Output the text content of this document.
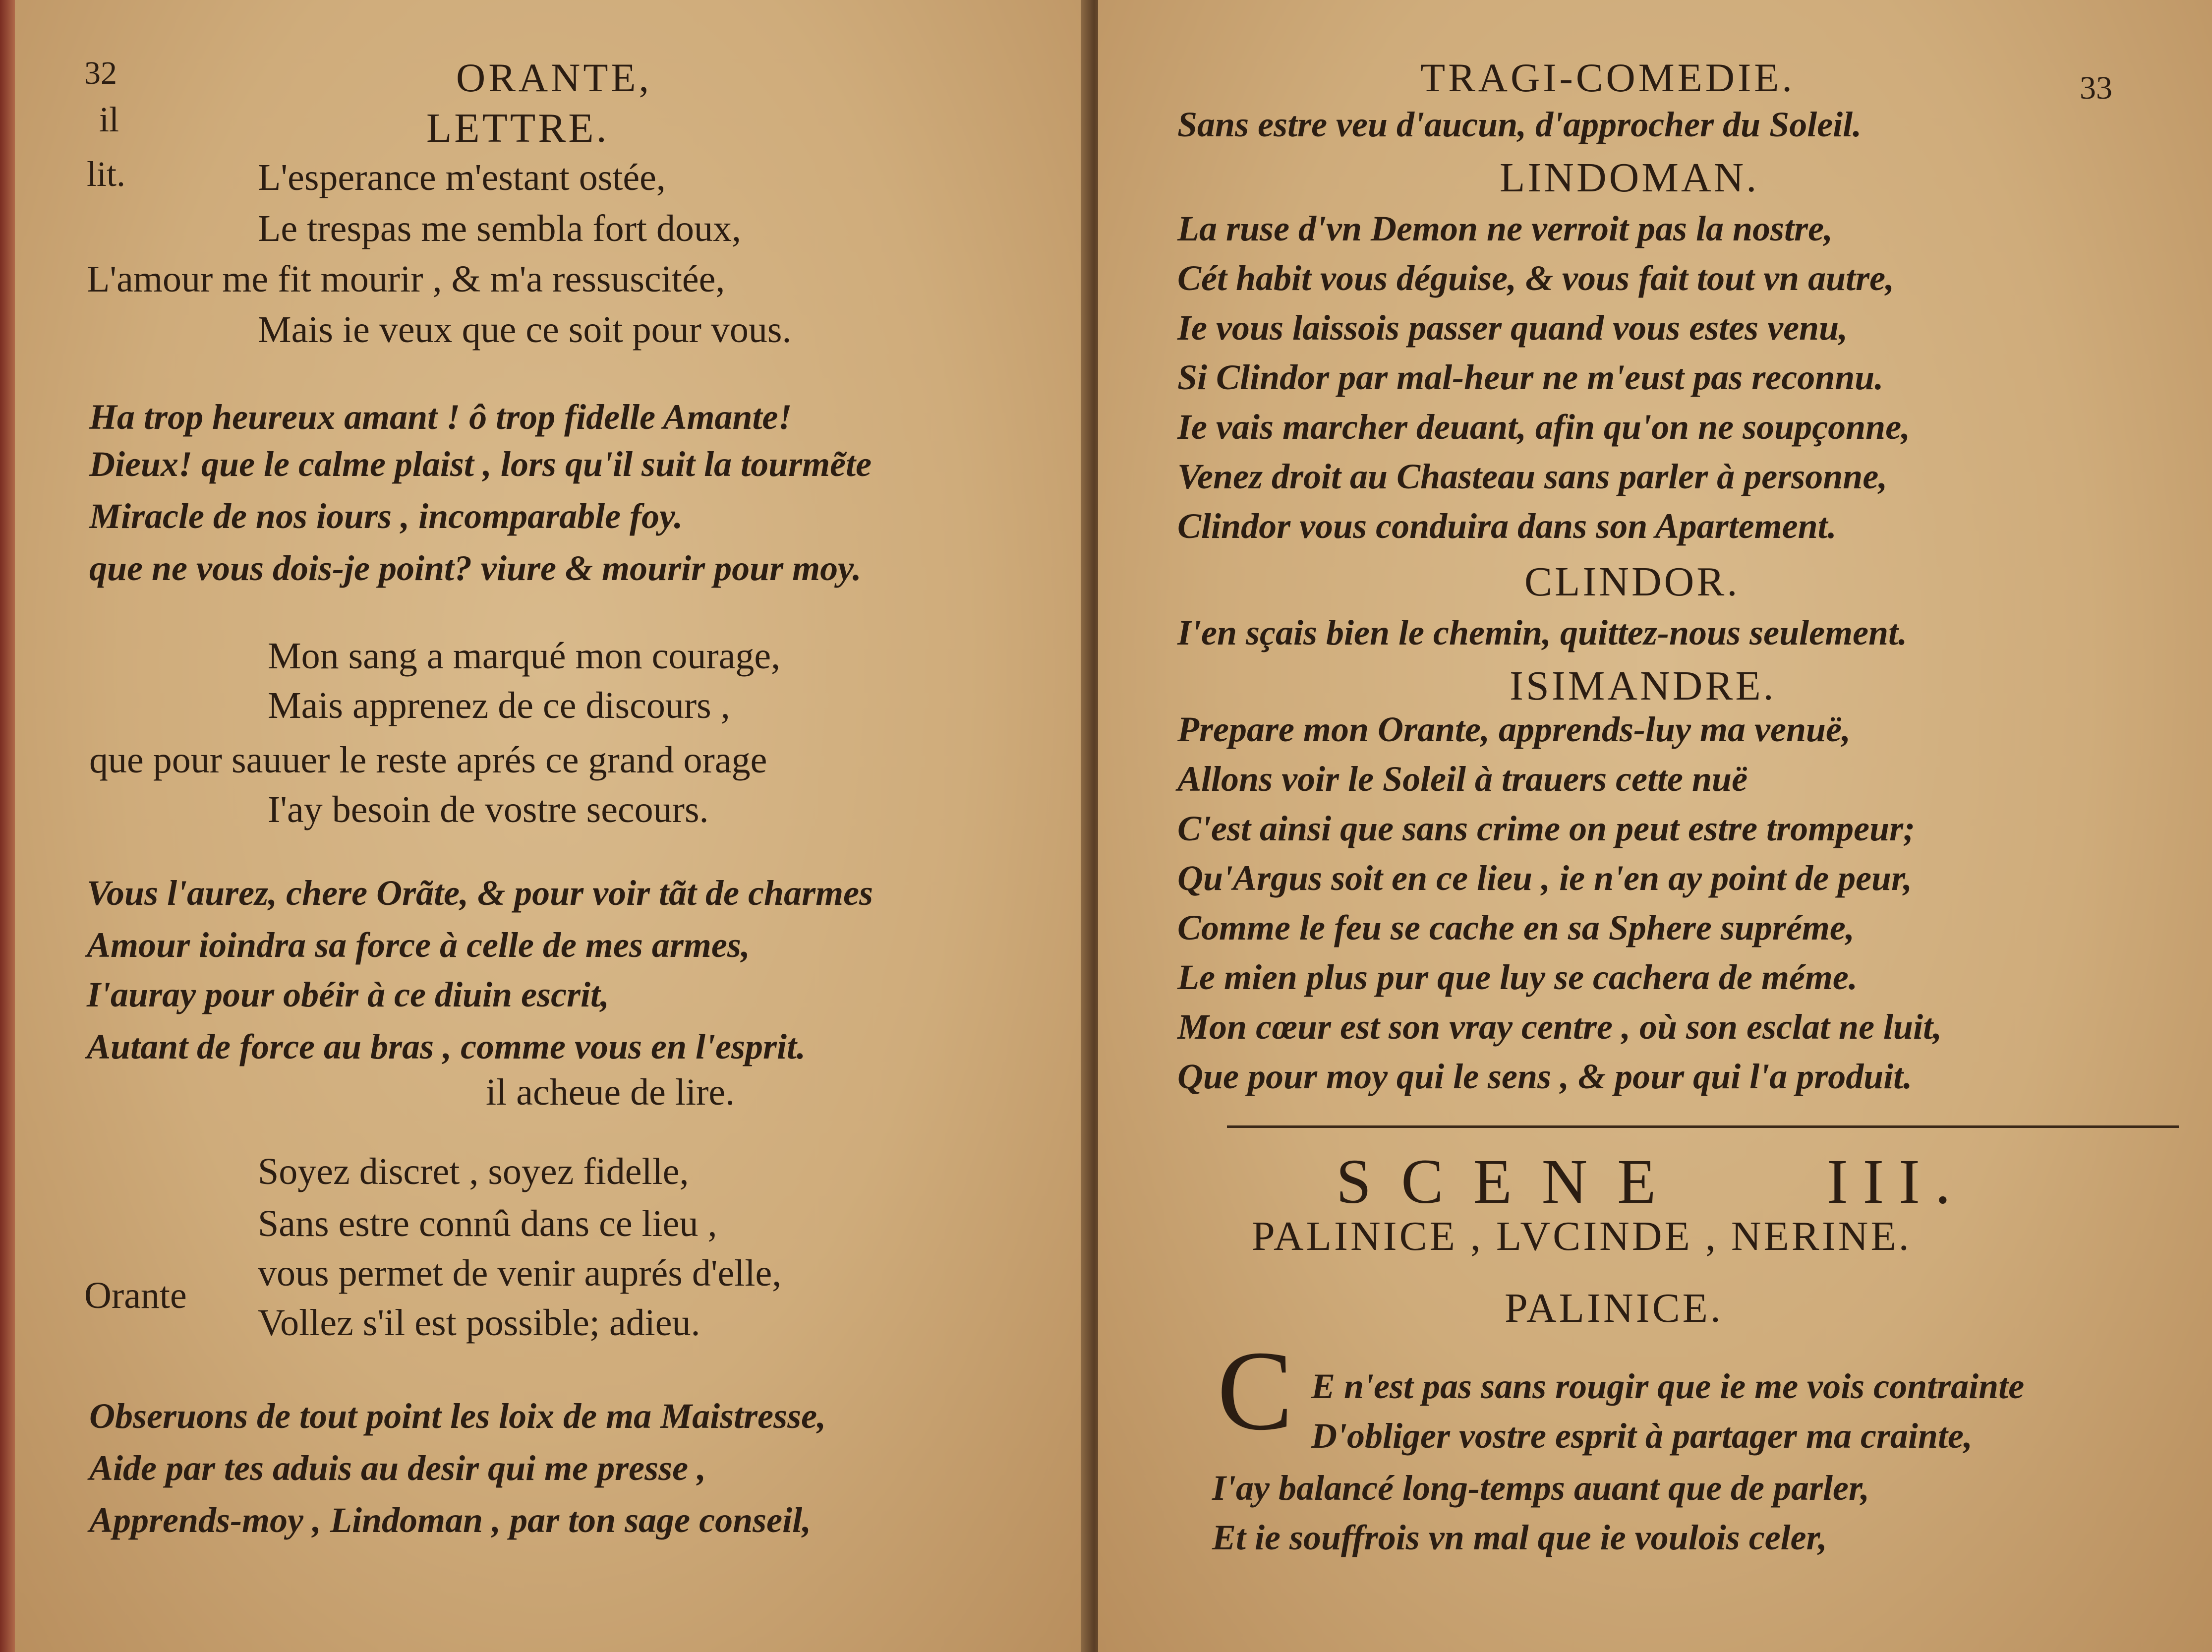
32	ORANTE,
LETTRE.
il
lit.	L'esperance m'estant ostée,
Le trespas me sembla fort doux,
L'amour me fit mourir , & m'a ressuscitée,
Mais ie veux que ce soit pour vous.
Ha trop heureux amant ! ô trop fidelle Amante!
Dieux! que le calme plaist , lors qu'il suit la tourmẽte
Miracle de nos iours , incomparable foy.
que ne vous dois-je point? viure & mourir pour moy.
Mon sang a marqué mon courage,
Mais apprenez de ce discours ,
que pour sauuer le reste aprés ce grand orage
I'ay besoin de vostre secours.
Vous l'aurez, chere Orãte, & pour voir tãt de charmes
Amour ioindra sa force à celle de mes armes,
I'auray pour obéir à ce diuin escrit,
Autant de force au bras , comme vous en l'esprit.
il acheue de lire.
Soyez discret , soyez fidelle,
Sans estre connû dans ce lieu ,
vous permet de venir auprés d'elle,
Vollez s'il est possible; adieu.
Orante
Obseruons de tout point les loix de ma Maistresse,
Aide par tes aduis au desir qui me presse ,
Apprends-moy , Lindoman , par ton sage conseil,
TRAGI-COMEDIE.	33
Sans estre veu d'aucun, d'approcher du Soleil.
LINDOMAN.
La ruse d'vn Demon ne verroit pas la nostre,
Cét habit vous déguise, & vous fait tout vn autre,
Ie vous laissois passer quand vous estes venu,
Si Clindor par mal-heur ne m'eust pas reconnu.
Ie vais marcher deuant, afin qu'on ne soupçonne,
Venez droit au Chasteau sans parler à personne,
Clindor vous conduira dans son Apartement.
CLINDOR.
I'en sçais bien le chemin, quittez-nous seulement.
ISIMANDRE.
Prepare mon Orante, apprends-luy ma venuë,
Allons voir le Soleil à trauers cette nuë
C'est ainsi que sans crime on peut estre trompeur;
Qu'Argus soit en ce lieu , ie n'en ay point de peur,
Comme le feu se cache en sa Sphere supréme,
Le mien plus pur que luy se cachera de méme.
Mon cœur est son vray centre , où son esclat ne luit,
Que pour moy qui le sens , & pour qui l'a produit.
SCENE III.
PALINICE , LVCINDE , NERINE.
PALINICE.
C E n'est pas sans rougir que ie me vois contrainte
D'obliger vostre esprit à partager ma crainte,
I'ay balancé long-temps auant que de parler,
Et ie souffrois vn mal que ie voulois celer,
